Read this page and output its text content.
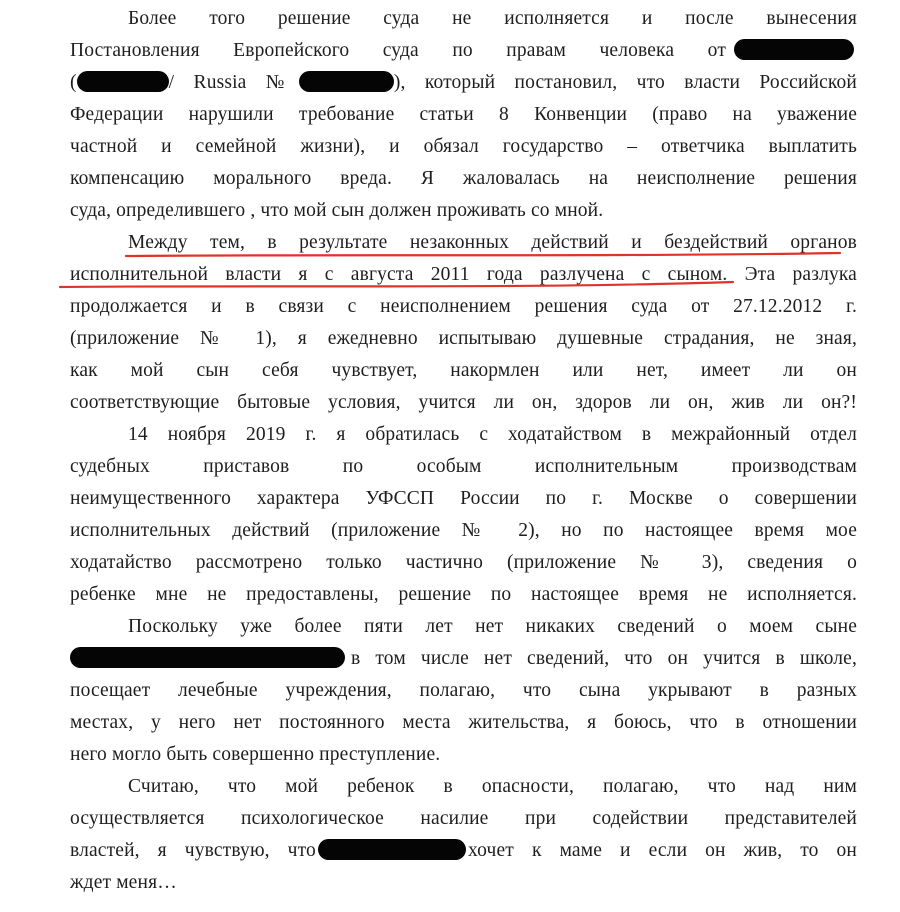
Более того решение суда не исполняется и после вынесения
Постановления Европейского суда по правам человека от
(	/ Russia №	), который постановил, что власти Российской
Федерации нарушили требование статьи 8 Конвенции (право на уважение
частной и семейной жизни), и обязал государство – ответчика выплатить
компенсацию морального вреда. Я жаловалась на неисполнение решения
суда, определившего , что мой сын должен проживать со мной.
Между тем, в результате незаконных действий и бездействий органов
исполнительной власти я с августа 2011 года разлучена с сыном. Эта разлука
продолжается и в связи с неисполнением решения суда от 27.12.2012 г.
(приложение № 1), я ежедневно испытываю душевные страдания, не зная,
как мой сын себя чувствует, накормлен или нет, имеет ли он
соответствующие бытовые условия, учится ли он, здоров ли он, жив ли он?!
14 ноября 2019 г. я обратилась с ходатайством в межрайонный отдел
судебных приставов по особым исполнительным производствам
неимущественного характера УФССП России по г. Москве о совершении
исполнительных действий (приложение № 2), но по настоящее время мое
ходатайство рассмотрено только частично (приложение № 3), сведения о
ребенке мне не предоставлены, решение по настоящее время не исполняется.
Поскольку уже более пяти лет нет никаких сведений о моем сыне
в том числе нет сведений, что он учится в школе,
посещает лечебные учреждения, полагаю, что сына укрывают в разных
местах, у него нет постоянного места жительства, я боюсь, что в отношении
него могло быть совершенно преступление.
Считаю, что мой ребенок в опасности, полагаю, что над ним
осуществляется психологическое насилие при содействии представителей
властей, я чувствую, что	хочет к маме и если он жив, то он
ждет меня…
